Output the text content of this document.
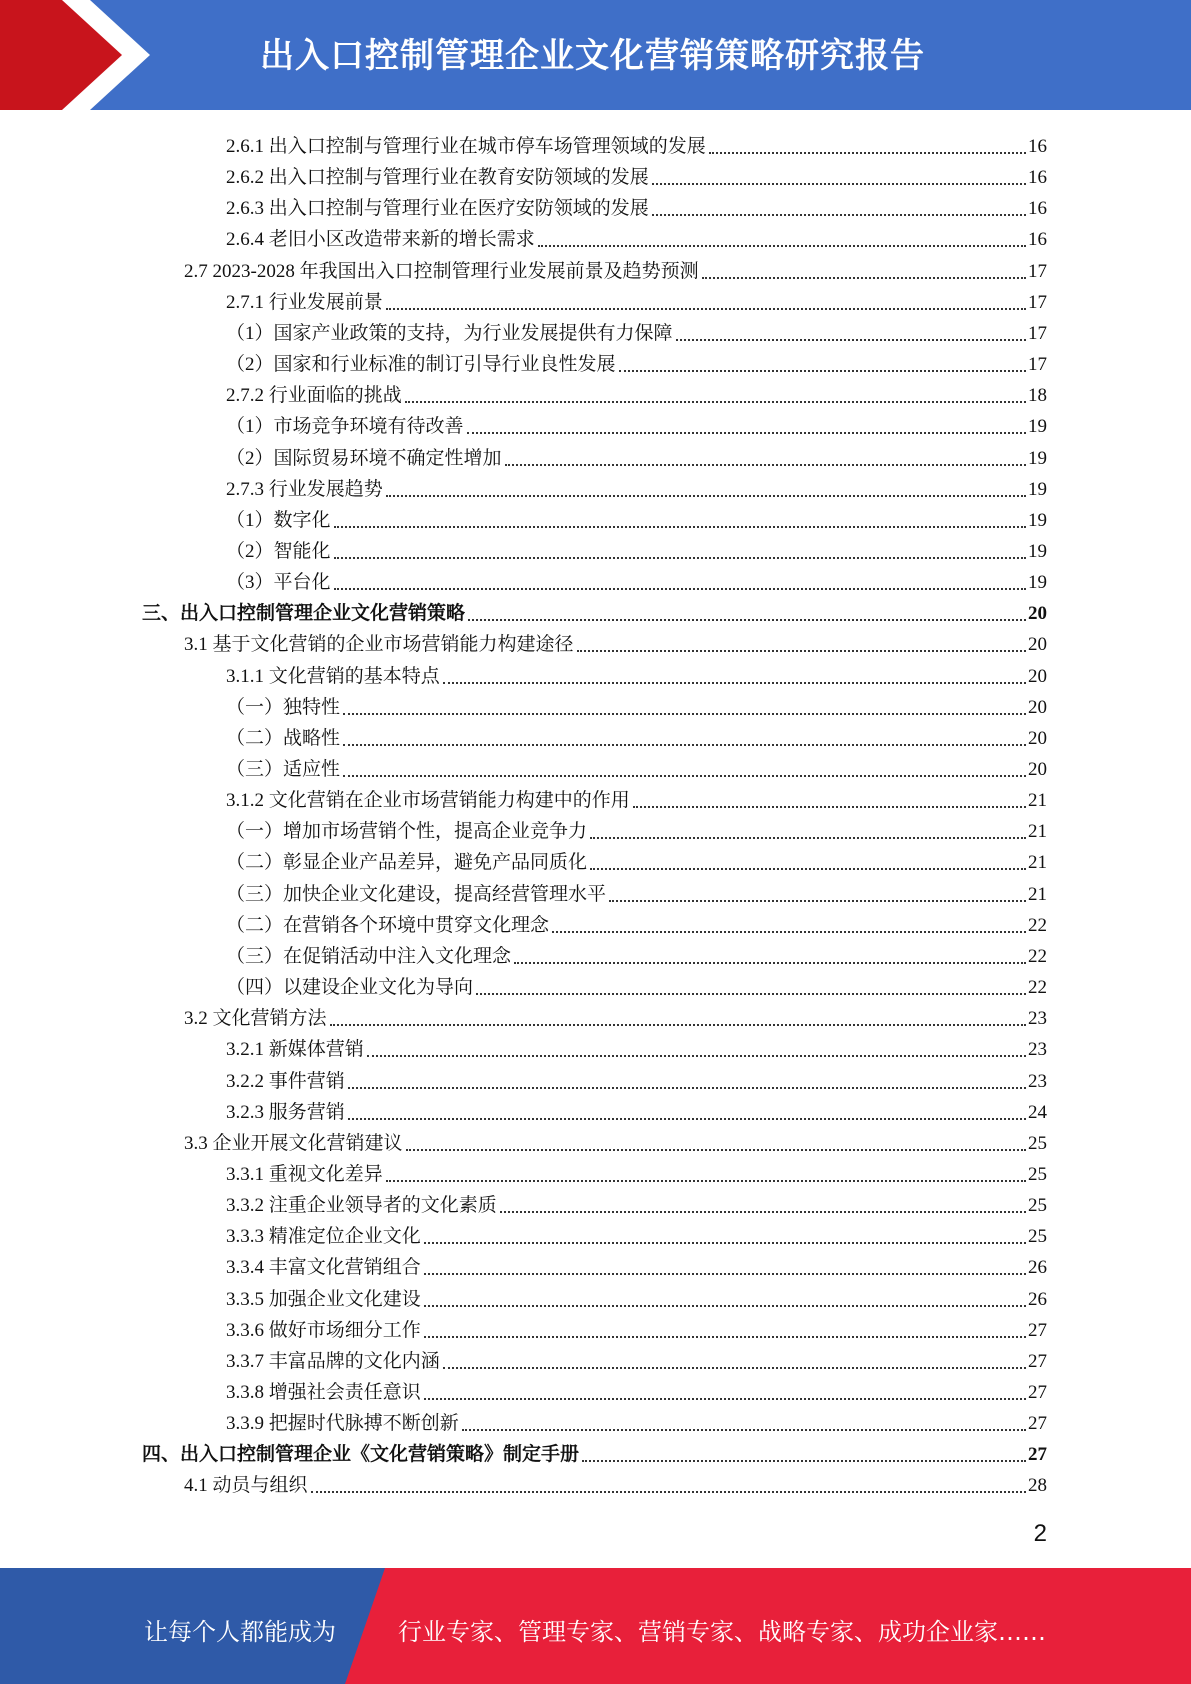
出入口控制管理企业文化营销策略研究报告
2.6.1 出入口控制与管理行业在城市停车场管理领域的发展	16
2.6.2 出入口控制与管理行业在教育安防领域的发展	16
2.6.3 出入口控制与管理行业在医疗安防领域的发展	16
2.6.4 老旧小区改造带来新的增长需求	16
2.7 2023-2028 年我国出入口控制管理行业发展前景及趋势预测	17
2.7.1 行业发展前景	17
（1）国家产业政策的支持，为行业发展提供有力保障	17
（2）国家和行业标准的制订引导行业良性发展	17
2.7.2 行业面临的挑战	18
（1）市场竞争环境有待改善	19
（2）国际贸易环境不确定性增加	19
2.7.3 行业发展趋势	19
（1）数字化	19
（2）智能化	19
（3）平台化	19
三、出入口控制管理企业文化营销策略	20
3.1 基于文化营销的企业市场营销能力构建途径	20
3.1.1 文化营销的基本特点	20
（一）独特性	20
（二）战略性	20
（三）适应性	20
3.1.2 文化营销在企业市场营销能力构建中的作用	21
（一）增加市场营销个性，提高企业竞争力	21
（二）彰显企业产品差异，避免产品同质化	21
（三）加快企业文化建设，提高经营管理水平	21
（二）在营销各个环境中贯穿文化理念	22
（三）在促销活动中注入文化理念	22
（四）以建设企业文化为导向	22
3.2 文化营销方法	23
3.2.1 新媒体营销	23
3.2.2 事件营销	23
3.2.3 服务营销	24
3.3 企业开展文化营销建议	25
3.3.1 重视文化差异	25
3.3.2 注重企业领导者的文化素质	25
3.3.3 精准定位企业文化	25
3.3.4 丰富文化营销组合	26
3.3.5 加强企业文化建设	26
3.3.6 做好市场细分工作	27
3.3.7 丰富品牌的文化内涵	27
3.3.8 增强社会责任意识	27
3.3.9 把握时代脉搏不断创新	27
四、出入口控制管理企业《文化营销策略》制定手册	27
4.1 动员与组织	28
2
让每个人都能成为	行业专家、管理专家、营销专家、战略专家、成功企业家……
